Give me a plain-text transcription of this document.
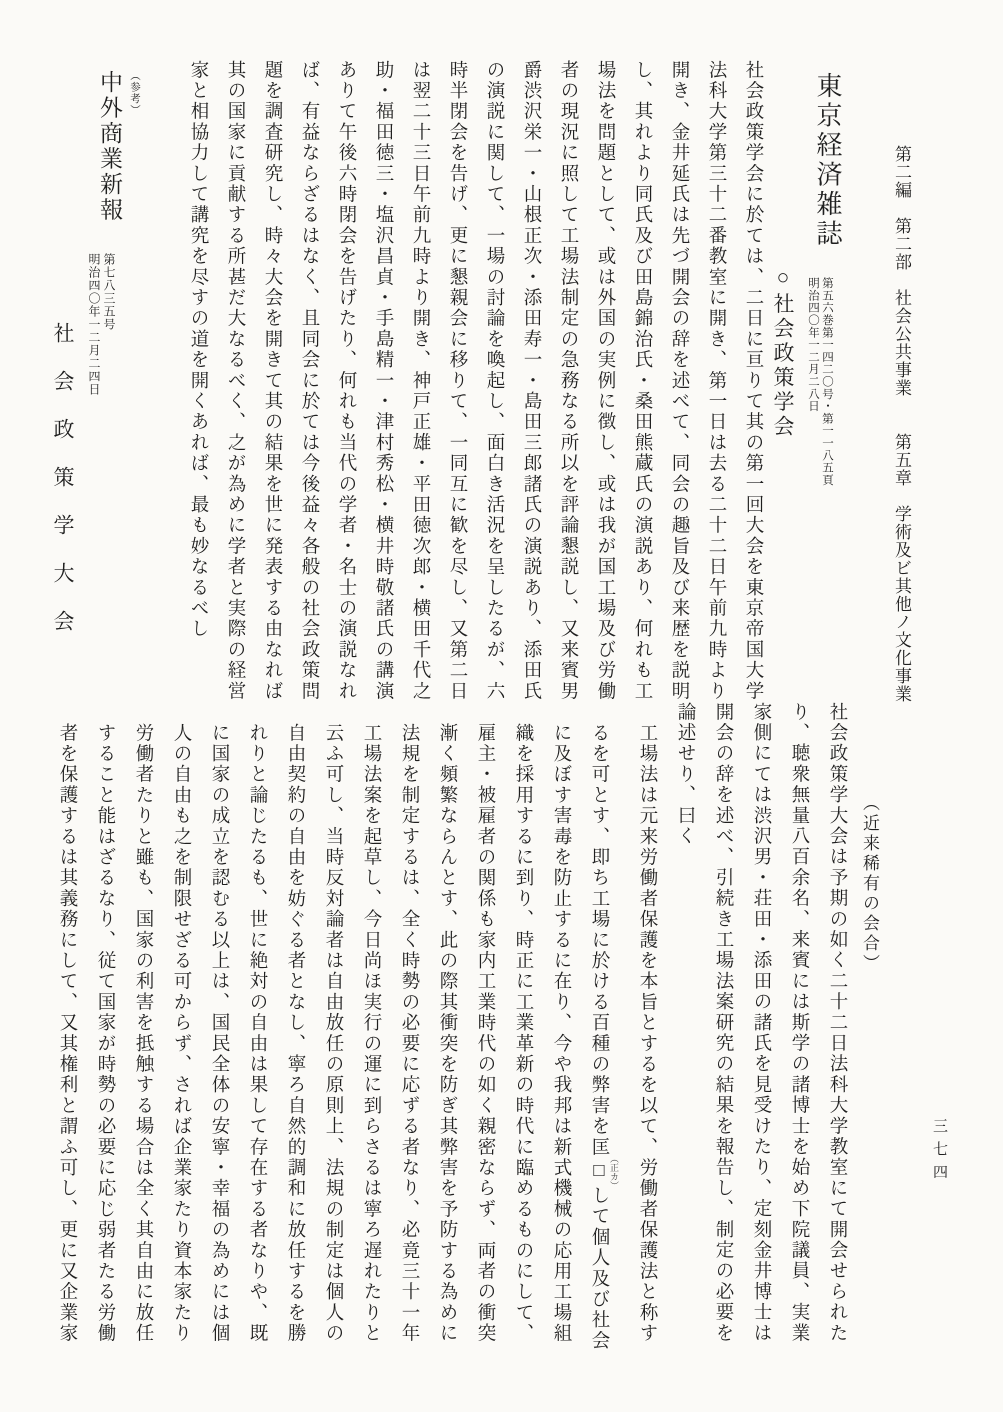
第二編　第二部　社会公共事業　　第五章　学術及ビ其他ノ文化事業
三七四
東京経済雑誌
第五六巻第一四二〇号・第一一八五頁
明治四〇年一二月二八日
○社会政策学会
社会政策学会に於ては、二日に亘りて其の第一回大会を東京帝国大学
法科大学第三十二番教室に開き、第一日は去る二十二日午前九時より
開き、金井延氏は先づ開会の辞を述べて、同会の趣旨及び来歴を説明
し、其れより同氏及び田島錦治氏・桑田熊蔵氏の演説あり、何れも工
場法を問題として、或は外国の実例に徴し、或は我が国工場及び労働
者の現況に照して工場法制定の急務なる所以を評論懇説し、又来賓男
爵渋沢栄一・山根正次・添田寿一・島田三郎諸氏の演説あり、添田氏
の演説に関して、一場の討論を喚起し、面白き活況を呈したるが、六
時半閉会を告げ、更に懇親会に移りて、一同互に歓を尽し、又第二日
は翌二十三日午前九時より開き、神戸正雄・平田徳次郎・横田千代之
助・福田徳三・塩沢昌貞・手島精一・津村秀松・横井時敬諸氏の講演
ありて午後六時閉会を告げたり、何れも当代の学者・名士の演説なれ
ば、有益ならざるはなく、且同会に於ては今後益々各般の社会政策問
題を調査研究し、時々大会を開きて其の結果を世に発表する由なれば
其の国家に貢献する所甚だ大なるべく、之が為めに学者と実際の経営
家と相協力して講究を尽すの道を開くあれば、最も妙なるべし
（参考）
中外商業新報
第七八三五号
明治四〇年一二月二四日
社会政策学大会
（近来稀有の会合）
社会政策学大会は予期の如く二十二日法科大学教室にて開会せられた
り、聴衆無量八百余名、来賓には斯学の諸博士を始め下院議員、実業
家側にては渋沢男・荘田・添田の諸氏を見受けたり、定刻金井博士は
開会の辞を述べ、引続き工場法案研究の結果を報告し、制定の必要を
論述せり、曰く
工場法は元来労働者保護を本旨とするを以て、労働者保護法と称す
るを可とす、即ち工場に於ける百種の弊害を匡□ （正カ）して個人及び社会
に及ぼす害毒を防止するに在り、今や我邦は新式機械の応用工場組
織を採用するに到り、時正に工業革新の時代に臨めるものにして、
雇主・被雇者の関係も家内工業時代の如く親密ならず、両者の衝突
漸く頻繁ならんとす、此の際其衝突を防ぎ其弊害を予防する為めに
法規を制定するは、全く時勢の必要に応ずる者なり、必竟三十一年
工場法案を起草し、今日尚ほ実行の運に到らさるは寧ろ遅れたりと
云ふ可し、当時反対論者は自由放任の原則上、法規の制定は個人の
自由契約の自由を妨ぐる者となし、寧ろ自然的調和に放任するを勝
れりと論じたるも、世に絶対の自由は果して存在する者なりや、既
に国家の成立を認むる以上は、国民全体の安寧・幸福の為めには個
人の自由も之を制限せざる可からず、されば企業家たり資本家たり
労働者たりと雖も、国家の利害を抵触する場合は全く其自由に放任
すること能はざるなり、従て国家が時勢の必要に応じ弱者たる労働
者を保護するは其義務にして、又其権利と謂ふ可し、更に又企業家
